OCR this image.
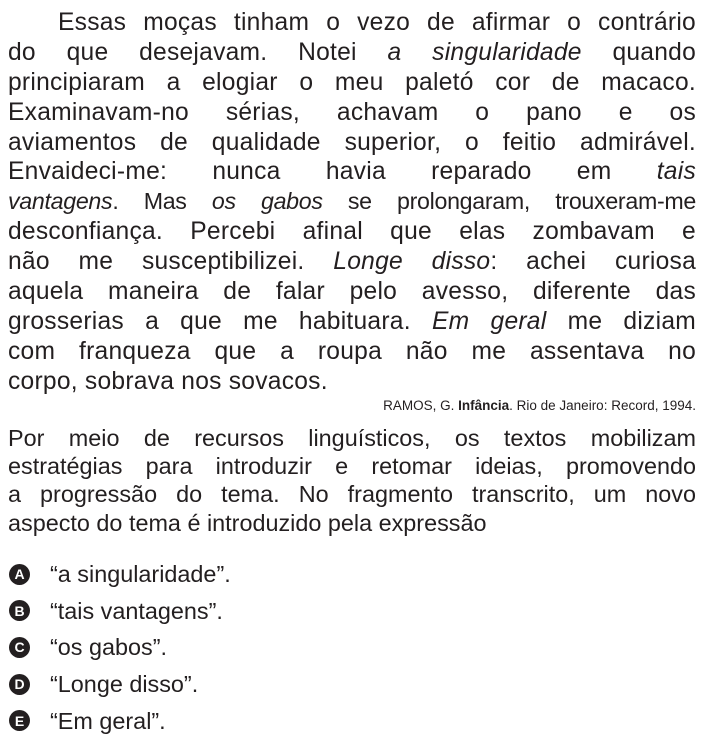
Essas moças tinham o vezo de afirmar o contrário
do que desejavam. Notei a singularidade quando
principiaram a elogiar o meu paletó cor de macaco.
Examinavam-no sérias, achavam o pano e os
aviamentos de qualidade superior, o feitio admirável.
Envaideci-me: nunca havia reparado em tais
vantagens. Mas os gabos se prolongaram, trouxeram-me
desconfiança. Percebi afinal que elas zombavam e
não me susceptibilizei. Longe disso: achei curiosa
aquela maneira de falar pelo avesso, diferente das
grosserias a que me habituara. Em geral me diziam
com franqueza que a roupa não me assentava no
corpo, sobrava nos sovacos.
RAMOS, G. Infância. Rio de Janeiro: Record, 1994.
Por meio de recursos linguísticos, os textos mobilizam
estratégias para introduzir e retomar ideias, promovendo
a progressão do tema. No fragmento transcrito, um novo
aspecto do tema é introduzido pela expressão
A “a singularidade”.
B “tais vantagens”.
C “os gabos”.
D “Longe disso”.
E “Em geral”.
